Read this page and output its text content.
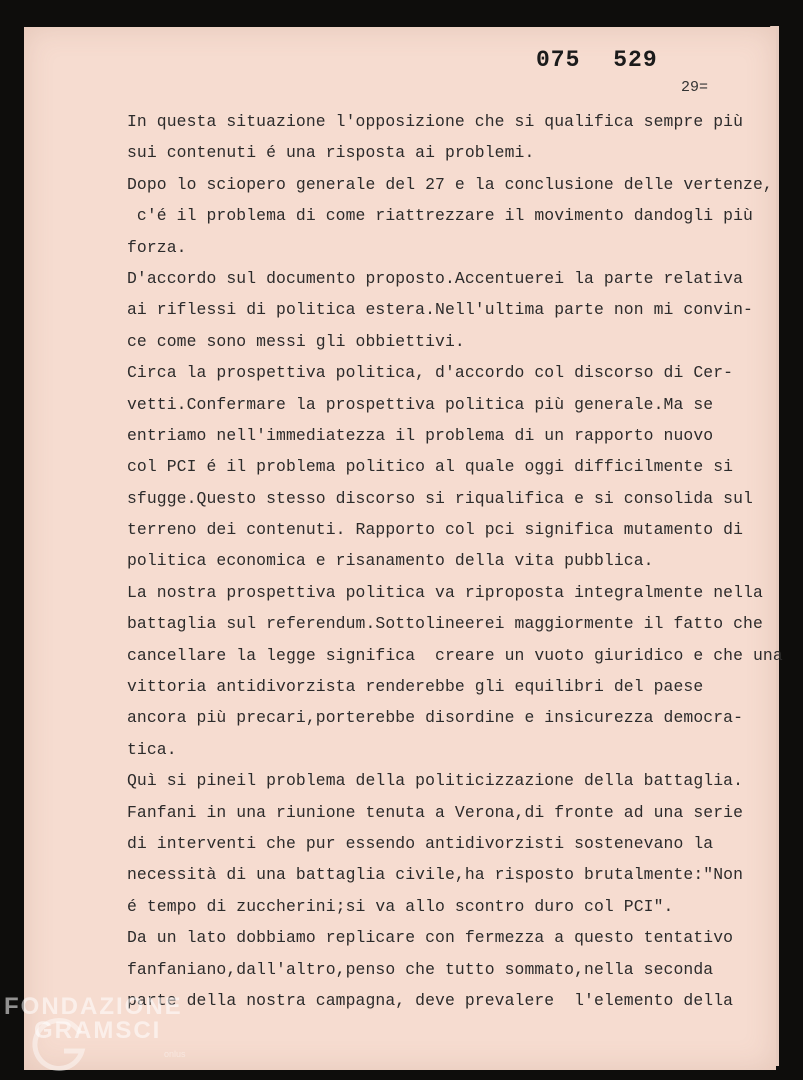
075 529
29=
In questa situazione l'opposizione che si qualifica sempre più
sui contenuti é una risposta ai problemi.
Dopo lo sciopero generale del 27 e la conclusione delle vertenze,
c'é il problema di come riattrezzare il movimento dandogli più
forza.
D'accordo sul documento proposto.Accentuerei la parte relativa
ai riflessi di politica estera.Nell'ultima parte non mi convin-
ce come sono messi gli obbiettivi.
Circa la prospettiva politica, d'accordo col discorso di Cer-
vetti.Confermare la prospettiva politica più generale.Ma se
entriamo nell'immediatezza il problema di un rapporto nuovo
col PCI é il problema politico al quale oggi difficilmente si
sfugge.Questo stesso discorso si riqualifica e si consolida sul
terreno dei contenuti. Rapporto col pci significa mutamento di
politica economica e risanamento della vita pubblica.
La nostra prospettiva politica va riproposta integralmente nella
battaglia sul referendum.Sottolineerei maggiormente il fatto che
cancellare la legge significa  creare un vuoto giuridico e che una
vittoria antidivorzista renderebbe gli equilibri del paese
ancora più precari,porterebbe disordine e insicurezza democra-
tica.
Quì si pineil problema della politicizzazione della battaglia.
Fanfani in una riunione tenuta a Verona,di fronte ad una serie
di interventi che pur essendo antidivorzisti sostenevano la
necessità di una battaglia civile,ha risposto brutalmente:"Non
é tempo di zuccherini;si va allo scontro duro col PCI".
Da un lato dobbiamo replicare con fermezza a questo tentativo
fanfaniano,dall'altro,penso che tutto sommato,nella seconda
parte della nostra campagna, deve prevalere  l'elemento della
FONDAZIONE
GRAMSCI
onlus
